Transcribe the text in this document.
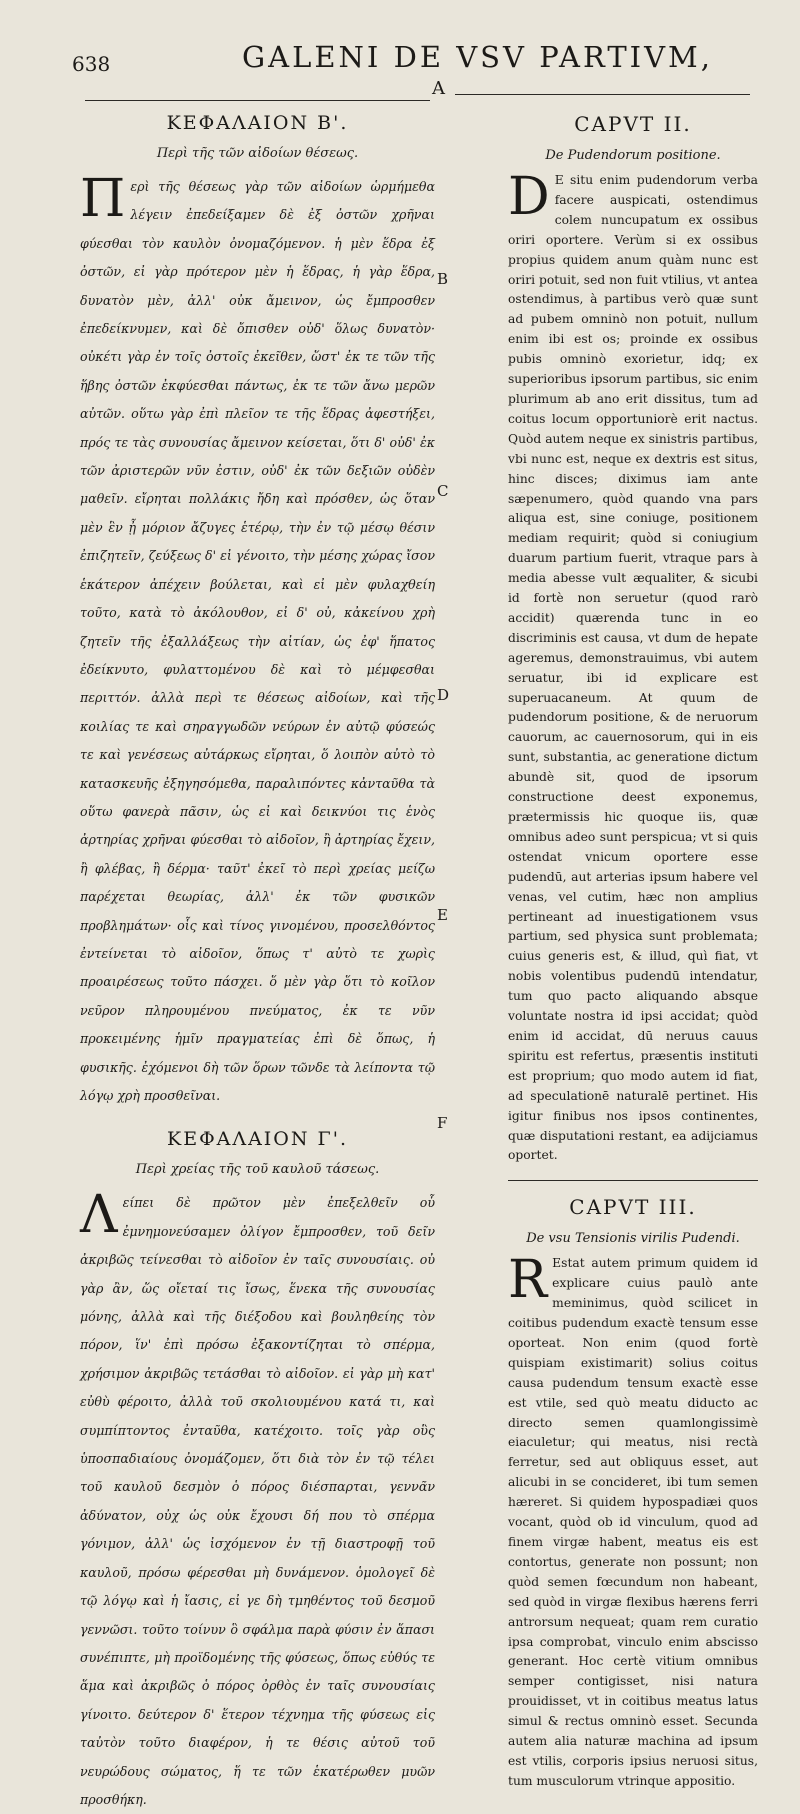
638	GALENI DE VSV PARTIVM,
A
B
C
D
E
F
ΚΕΦΑΛΑΙΟΝ Β'.
Περὶ τῆς τῶν αἰδοίων θέσεως.

Περὶ τῆς θέσεως γὰρ τῶν αἰδοίων ὡρμήμεθα λέγειν ἐπεδείξαμεν δὲ ἐξ ὀστῶν χρῆναι φύεσθαι τὸν καυλὸν ὀνομαζόμενον. ἡ μὲν ἕδρα ἐξ ὀστῶν, εἰ γὰρ πρότερον μὲν ἡ ἕδρας, ἡ γὰρ ἕδρα, δυνατὸν μὲν, ἀλλ' οὐκ ἄμεινον, ὡς ἔμπροσθεν ἐπεδείκνυμεν, καὶ δὲ ὄπισθεν οὐδ' ὅλως δυνατὸν· οὐκέτι γὰρ ἐν τοῖς ὀστοῖς ἐκεῖθεν, ὥστ' ἐκ τε τῶν τῆς ἥβης ὀστῶν ἐκφύεσθαι πάντως, ἐκ τε τῶν ἄνω μερῶν αὐτῶν. οὕτω γὰρ ἐπὶ πλεῖον τε τῆς ἕδρας ἀφεστήξει, πρός τε τὰς συνουσίας ἄμεινον κείσεται, ὅτι δ' οὐδ' ἐκ τῶν ἀριστερῶν νῦν ἐστιν, οὐδ' ἐκ τῶν δεξιῶν οὐδὲν μαθεῖν. εἴρηται πολλάκις ἤδη καὶ πρόσθεν, ὡς ὅταν μὲν ἓν ᾖ μόριον ἄζυγες ἑτέρῳ, τὴν ἐν τῷ μέσῳ θέσιν ἐπιζητεῖν, ζεύξεως δ' εἰ γένοιτο, τὴν μέσης χώρας ἴσον ἑκάτερον ἀπέχειν βούλεται, καὶ εἰ μὲν φυλαχθείη τοῦτο, κατὰ τὸ ἀκόλουθον, εἰ δ' οὐ, κἀκείνου χρὴ ζητεῖν τῆς ἐξαλλάξεως τὴν αἰτίαν, ὡς ἐφ' ἥπατος ἐδείκνυτο, φυλαττομένου δὲ καὶ τὸ μέμφεσθαι περιττόν. ἀλλὰ περὶ τε θέσεως αἰδοίων, καὶ τῆς κοιλίας τε καὶ σηραγγωδῶν νεύρων ἐν αὐτῷ φύσεώς τε καὶ γενέσεως αὐτάρκως εἴρηται, ὅ λοιπὸν αὐτὸ τὸ κατασκευῆς ἐξηγησόμεθα, παραλιπόντες κἀνταῦθα τὰ οὕτω φανερὰ πᾶσιν, ὡς εἰ καὶ δεικνύοι τις ἑνὸς ἀρτηρίας χρῆναι φύεσθαι τὸ αἰδοῖον, ἢ ἀρτηρίας ἔχειν, ἢ φλέβας, ἢ δέρμα· ταῦτ' ἐκεῖ τὸ περὶ χρείας μείζω παρέχεται θεωρίας, ἀλλ' ἐκ τῶν φυσικῶν προβλημάτων· οἷς καὶ τίνος γινομένου, προσελθόντος ἐντείνεται τὸ αἰδοῖον, ὅπως τ' αὐτὸ τε χωρὶς προαιρέσεως τοῦτο πάσχει. ὅ μὲν γὰρ ὅτι τὸ κοῖλον νεῦρον πληρουμένου πνεύματος, ἐκ τε νῦν προκειμένης ἡμῖν πραγματείας ἐπὶ δὲ ὅπως, ἡ φυσικῆς. ἐχόμενοι δὴ τῶν ὅρων τῶνδε τὰ λείποντα τῷ λόγῳ χρὴ προσθεῖναι.

ΚΕΦΑΛΑΙΟΝ Γ'.
Περὶ χρείας τῆς τοῦ καυλοῦ τάσεως.

Λείπει δὲ πρῶτον μὲν ἐπεξελθεῖν οὗ ἐμνημονεύσαμεν ὀλίγον ἔμπροσθεν, τοῦ δεῖν ἀκριβῶς τείνεσθαι τὸ αἰδοῖον ἐν ταῖς συνουσίαις. οὐ γὰρ ἂν, ὥς οἴεταί τις ἴσως, ἕνεκα τῆς συνουσίας μόνης, ἀλλὰ καὶ τῆς διέξοδου καὶ βουληθείης τὸν πόρον, ἵν' ἐπὶ πρόσω ἐξακοντίζηται τὸ σπέρμα, χρήσιμον ἀκριβῶς τετάσθαι τὸ αἰδοῖον. εἰ γὰρ μὴ κατ' εὐθὺ φέροιτο, ἀλλὰ τοῦ σκολιουμένου κατά τι, καὶ συμπίπτοντος ἐνταῦθα, κατέχοιτο. τοῖς γὰρ οὓς ὑποσπαδιαίους ὀνομάζομεν, ὅτι διὰ τὸν ἐν τῷ τέλει τοῦ καυλοῦ δεσμὸν ὁ πόρος διέσπαρται, γεννᾶν ἀδύνατον, οὐχ ὡς οὐκ ἔχουσι δή που τὸ σπέρμα γόνιμον, ἀλλ' ὡς ἰσχόμενον ἐν τῇ διαστροφῇ τοῦ καυλοῦ, πρόσω φέρεσθαι μὴ δυνάμενον. ὁμολογεῖ δὲ τῷ λόγῳ καὶ ἡ ἴασις, εἰ γε δὴ τμηθέντος τοῦ δεσμοῦ γεννῶσι. τοῦτο τοίνυν ὃ σφάλμα παρὰ φύσιν ἐν ἅπασι συνέπιπτε, μὴ προϊδομένης τῆς φύσεως, ὅπως εὐθύς τε ἅμα καὶ ἀκριβῶς ὁ πόρος ὀρθὸς ἐν ταῖς συνουσίαις γίνοιτο. δεύτερον δ' ἕτερον τέχνημα τῆς φύσεως εἰς ταὐτὸν τοῦτο διαφέρον, ἡ τε θέσις αὐτοῦ τοῦ νευρώδους σώματος, ἥ τε τῶν ἑκατέρωθεν μυῶν προσθήκη.

CAPVT II.
De Pudendorum positione.

D E situ enim pudendorum verba facere auspicati, ostendimus colem nuncupatum ex ossibus oriri oportere. Verùm si ex ossibus propius quidem anum quàm nunc est oriri potuit, sed non fuit vtilius, vt antea ostendimus, à partibus verò quæ sunt ad pubem omninò non potuit, nullum enim ibi est os; proinde ex ossibus pubis omninò exorietur, idq; ex superioribus ipsorum partibus, sic enim plurimum ab ano erit dissitus, tum ad coitus locum opportuniorè erit nactus. Quòd autem neque ex sinistris partibus, vbi nunc est, neque ex dextris est situs, hinc disces; diximus iam ante sæpenumero, quòd quando vna pars aliqua est, sine coniuge, positionem mediam requirit; quòd si coniugium duarum partium fuerit, vtraque pars à media abesse vult æqualiter, & sicubi id fortè non seruetur (quod rarò accidit) quærenda tunc in eo discriminis est causa, vt dum de hepate ageremus, demonstrauimus, vbi autem seruatur, ibi id explicare est superuacaneum. At quum de pudendorum positione, & de neruorum cauorum, ac cauernosorum, qui in eis sunt, substantia, ac generatione dictum abundè sit, quod de ipsorum constructione deest exponemus, prætermissis hic quoque iis, quæ omnibus adeo sunt perspicua; vt si quis ostendat vnicum oportere esse pudendū, aut arterias ipsum habere vel venas, vel cutim, hæc non amplius pertineant ad inuestigationem vsus partium, sed physica sunt problemata; cuius generis est, & illud, quì fiat, vt nobis volentibus pudendū intendatur, tum quo pacto aliquando absque voluntate nostra id ipsi accidat; quòd enim id accidat, dū neruus cauus spiritu est refertus, præsentis instituti est proprium; quo modo autem id fiat, ad speculationē naturalē pertinet. His igitur finibus nos ipsos continentes, quæ disputationi restant, ea adijciamus oportet.

CAPVT III.
De vsu Tensionis virilis Pudendi.

R Estat autem primum quidem id explicare cuius paulò ante meminimus, quòd scilicet in coitibus pudendum exactè tensum esse oporteat. Non enim (quod fortè quispiam existimarit) solius coitus causa pudendum tensum exactè esse est vtile, sed quò meatu diducto ac directo semen quamlongissimè eiaculetur; qui meatus, nisi rectà ferretur, sed aut obliquus esset, aut alicubi in se concideret, ibi tum semen hæreret. Si quidem hypospadiæi quos vocant, quòd ob id vinculum, quod ad finem virgæ habent, meatus eis est contortus, generate non possunt; non quòd semen fœcundum non habeant, sed quòd in virgæ flexibus hærens ferri antrorsum nequeat; quam rem curatio ipsa comprobat, vinculo enim abscisso generant. Hoc certè vitium omnibus semper contigisset, nisi natura prouidisset, vt in coitibus meatus latus simul & rectus omninò esset. Secunda autem alia naturæ machina ad ipsum est vtilis, corporis ipsius neruosi situs, tum musculorum vtrinque appositio.
